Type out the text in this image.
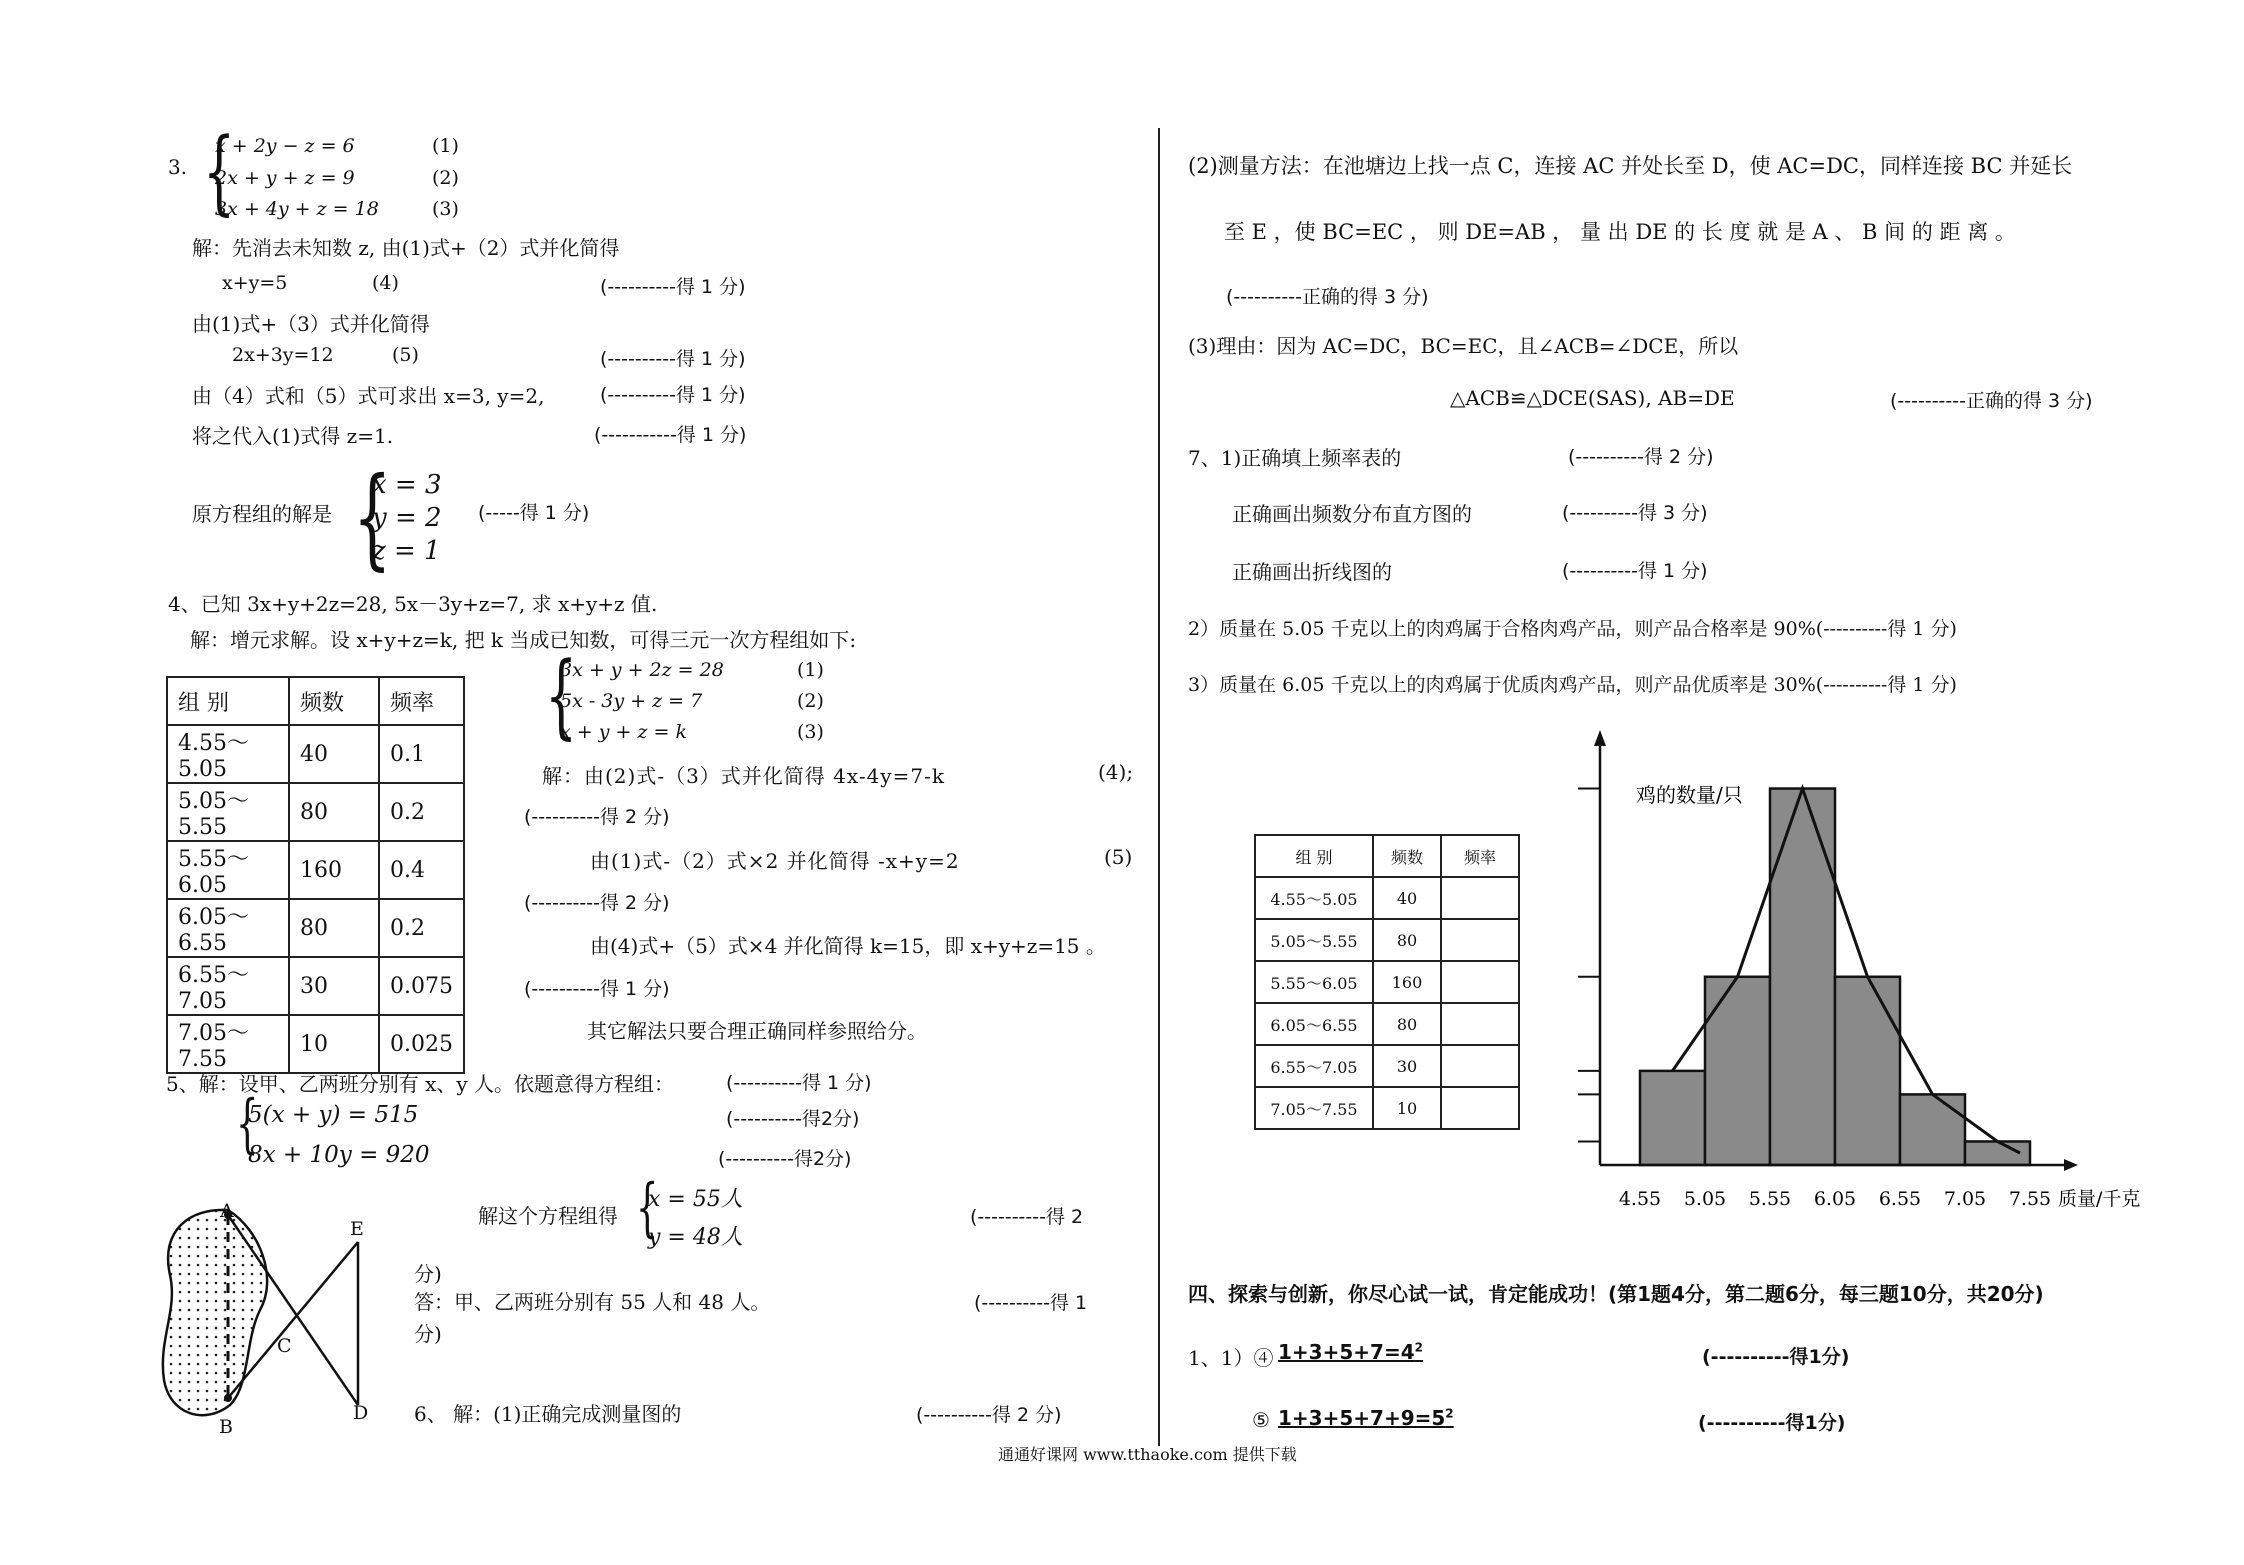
3. {
x + 2y − z = 6	(1)
2x + y + z = 9	(2)
3x + 4y + z = 18	(3)
解：先消去未知数 z, 由(1)式+（2）式并化简得
x+y=5	(4)	(----------得 1 分)
由(1)式+（3）式并化简得
2x+3y=12	(5)	(----------得 1 分)
由（4）式和（5）式可求出 x=3, y=2,	(----------得 1 分)
将之代入(1)式得 z=1.	(-----------得 1 分)
原方程组的解是 {
x = 3
y = 2
z = 1
(-----得 1 分)
4、已知 3x+y+2z=28, 5x－3y+z=7, 求 x+y+z 值.
解：增元求解。设 x+y+z=k, 把 k 当成已知数，可得三元一次方程组如下:
组 别	频数	频率
4.55～5.05	40	0.1
5.05～5.55	80	0.2
5.55～6.05	160	0.4
6.05～6.55	80	0.2
6.55～7.05	30	0.075
7.05～7.55	10	0.025
{
3x + y + 2z = 28	(1)
5x - 3y + z = 7	(2)
x + y + z = k	(3)
解：由(2)式-（3）式并化简得 4x-4y=7-k	(4);
(----------得 2 分)
由(1)式-（2）式×2 并化简得 -x+y=2	(5)
(----------得 2 分)
由(4)式+（5）式×4 并化简得 k=15，即 x+y+z=15 。
(----------得 1 分)
其它解法只要合理正确同样参照给分。
5、解：设甲、乙两班分别有 x、y 人。依题意得方程组：	(----------得 1 分)
{
5(x + y) = 515	(----------得2分)
8x + 10y = 920	(----------得2分)
解这个方程组得 {
x = 55人
y = 48人
(----------得 2
分)
答：甲、乙两班分别有 55 人和 48 人。	(----------得 1
分)
A
B
C
D
E
6、 解：(1)正确完成测量图的	(----------得 2 分)
(2)测量方法：在池塘边上找一点 C，连接 AC 并处长至 D，使 AC=DC，同样连接 BC 并延长
至 E ，使 BC=EC ， 则 DE=AB ， 量 出 DE 的 长 度 就 是 A 、 B 间 的 距 离 。
(----------正确的得 3 分)
(3)理由：因为 AC=DC，BC=EC，且∠ACB=∠DCE，所以
△ACB≌△DCE(SAS), AB=DE	(----------正确的得 3 分)
7、1)正确填上频率表的	(----------得 2 分)
正确画出频数分布直方图的	(----------得 3 分)
正确画出折线图的	(----------得 1 分)
2）质量在 5.05 千克以上的肉鸡属于合格肉鸡产品，则产品合格率是 90%(----------得 1 分)
3）质量在 6.05 千克以上的肉鸡属于优质肉鸡产品，则产品优质率是 30%(----------得 1 分)
组 别	频数	频率
4.55～5.05	40	
5.05～5.55	80	
5.55～6.05	160	
6.05～6.55	80	
6.55～7.05	30	
7.05～7.55	10	
4.55 5.05 5.55 6.05 6.55 7.05 7.55 质量/千克
鸡的数量/只
四、探索与创新，你尽心试一试，肯定能成功！(第1题4分，第二题6分，每三题10分，共20分)
1、1）④ $1+3+5+7=4^2$	(----------得1分)
⑤ $1+3+5+7+9=5^2$	(----------得1分)
通通好课网 www.tthaoke.com 提供下载
